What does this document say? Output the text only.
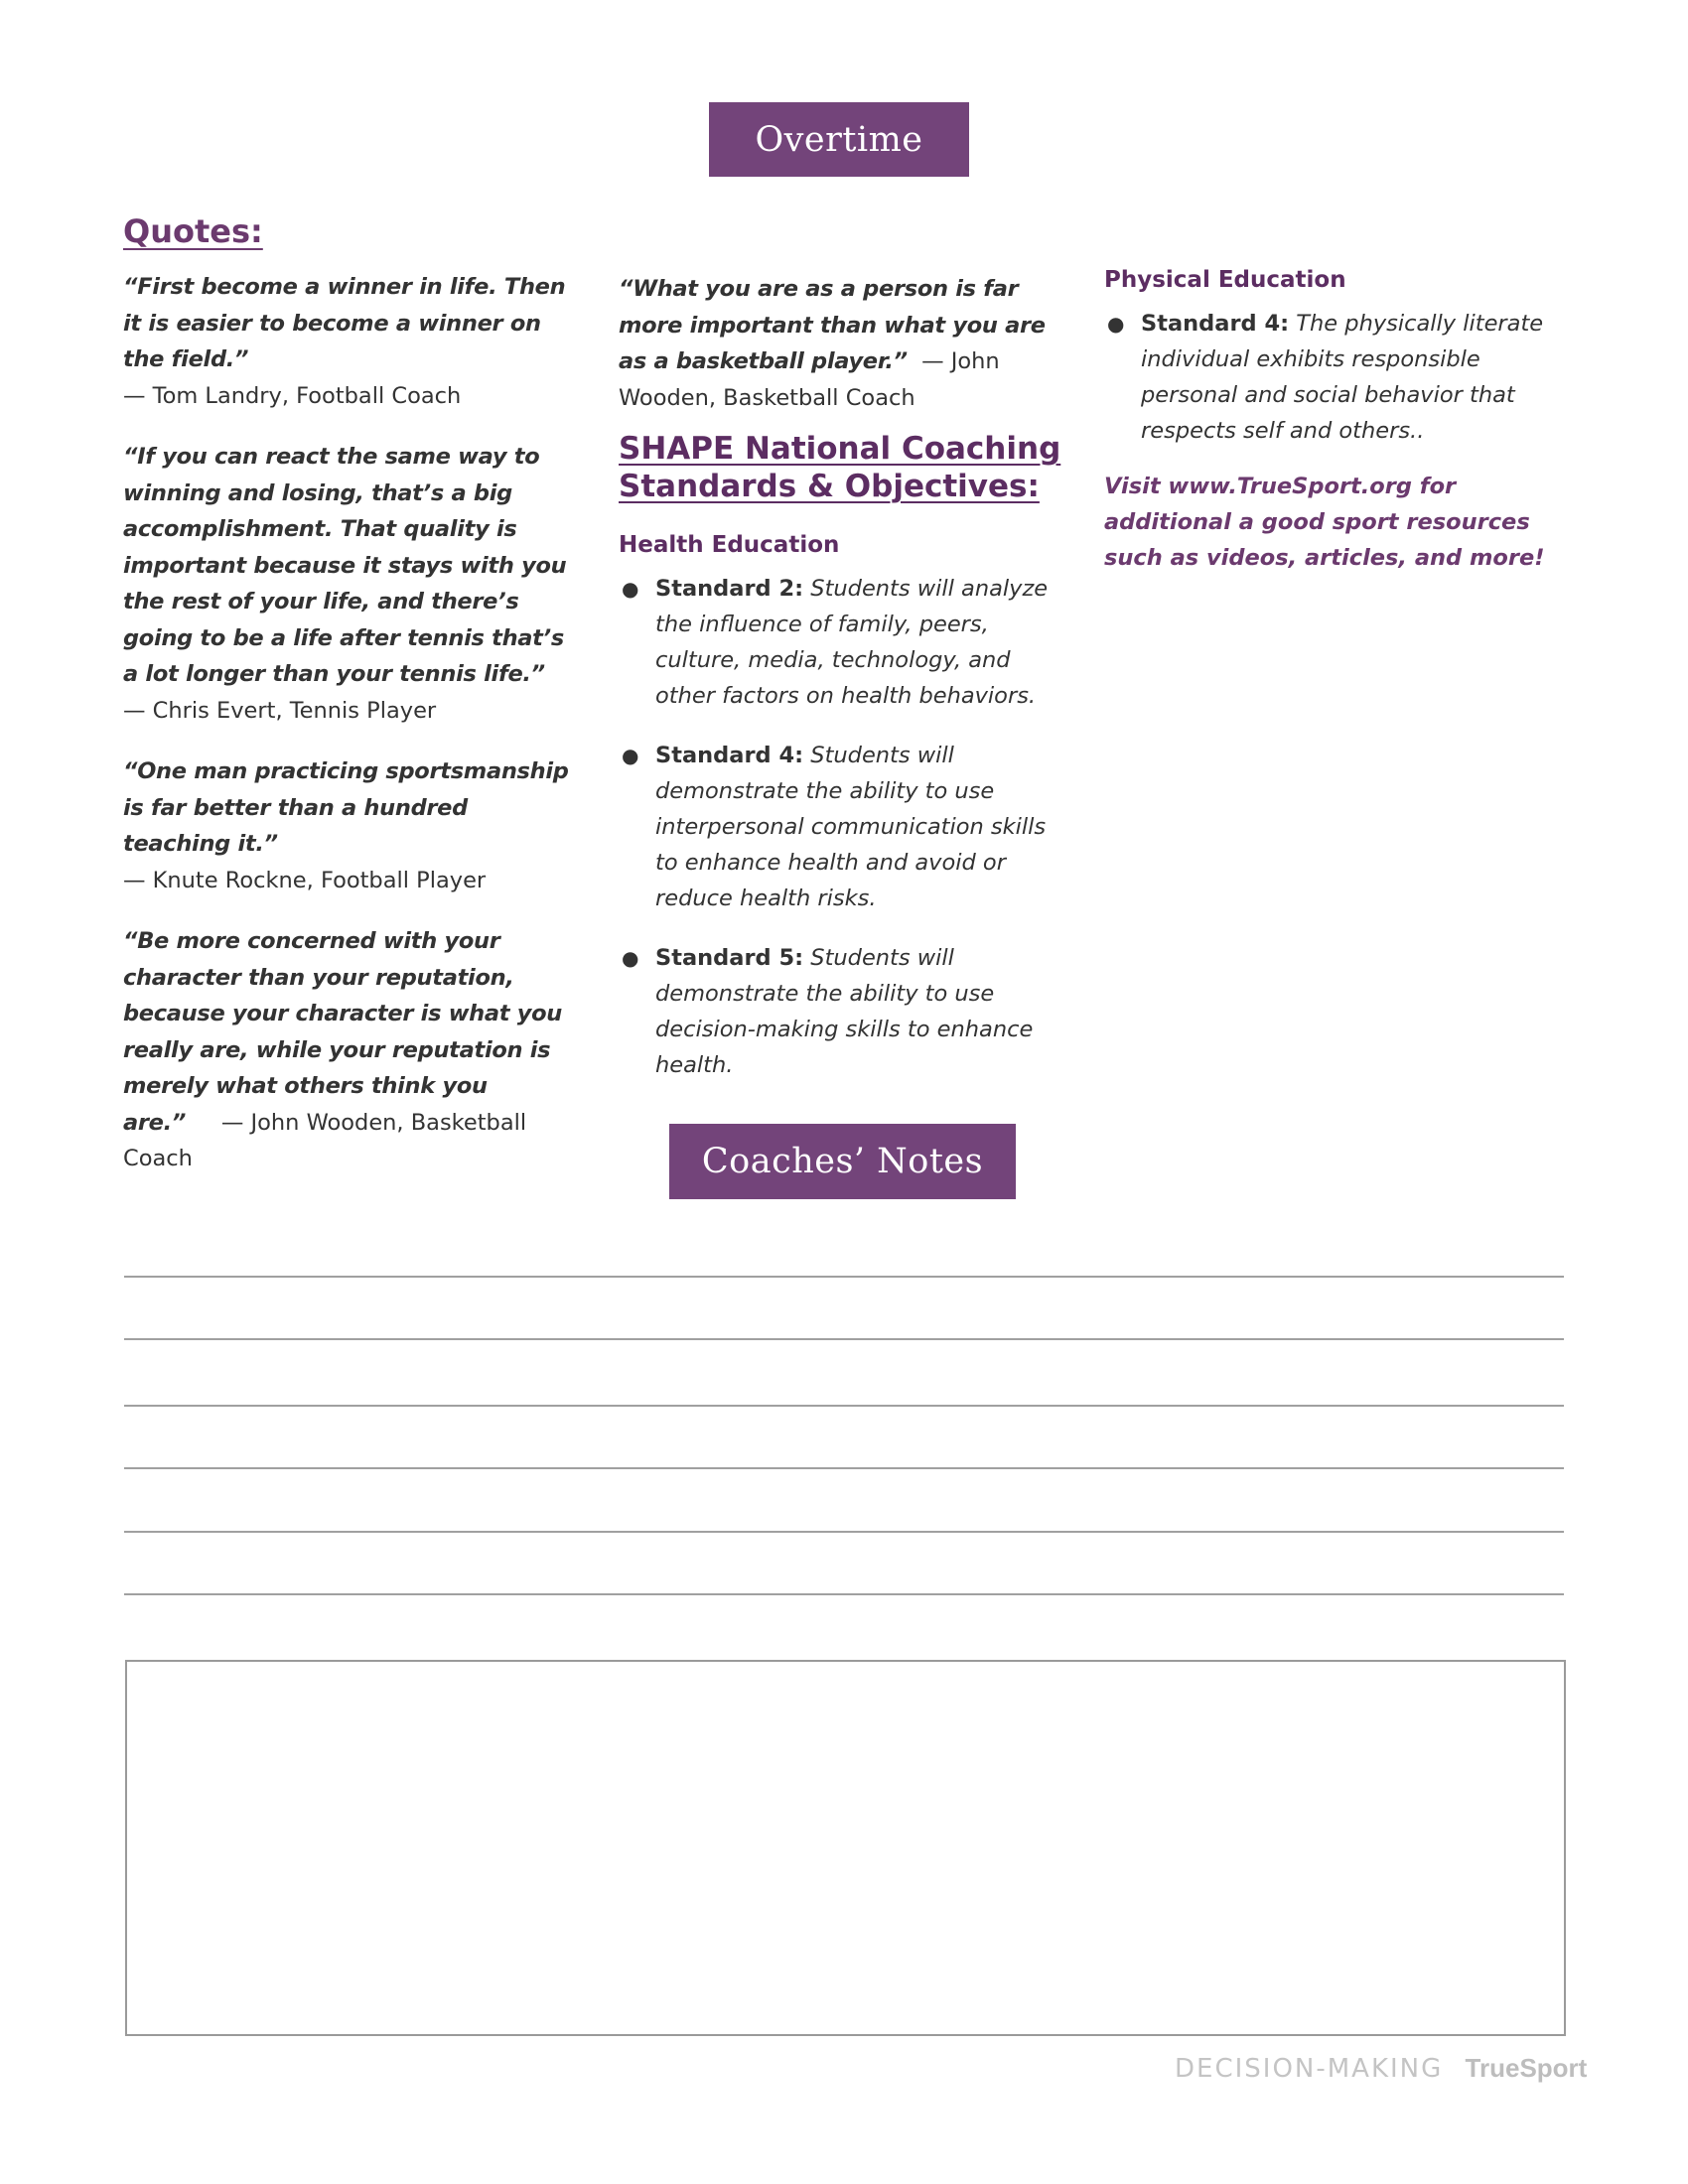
Overtime
Quotes:
“First become a winner in life. Then it is easier to become a winner on the field.”
— Tom Landry, Football Coach
“If you can react the same way to winning and losing, that’s a big accomplishment. That quality is important because it stays with you the rest of your life, and there’s going to be a life after tennis that’s a lot longer than your tennis life.”
— Chris Evert, Tennis Player
“One man practicing sportsmanship is far better than a hundred teaching it.”
— Knute Rockne, Football Player
“Be more concerned with your character than your reputation, because your character is what you really are, while your reputation is merely what others think you are.” — John Wooden, Basketball Coach
“What you are as a person is far more important than what you are as a basketball player.” — John Wooden, Basketball Coach
SHAPE National Coaching
Standards & Objectives:
Health Education
● Standard 2: Students will analyze the influence of family, peers, culture, media, technology, and other factors on health behaviors.
● Standard 4: Students will demonstrate the ability to use interpersonal communication skills to enhance health and avoid or reduce health risks.
● Standard 5: Students will demonstrate the ability to use decision-making skills to enhance health.
Physical Education
● Standard 4: The physically literate individual exhibits responsible personal and social behavior that respects self and others..
Visit www.TrueSport.org for additional a good sport resources such as videos, articles, and more!
Coaches’ Notes
DECISION-MAKING TrueSport
